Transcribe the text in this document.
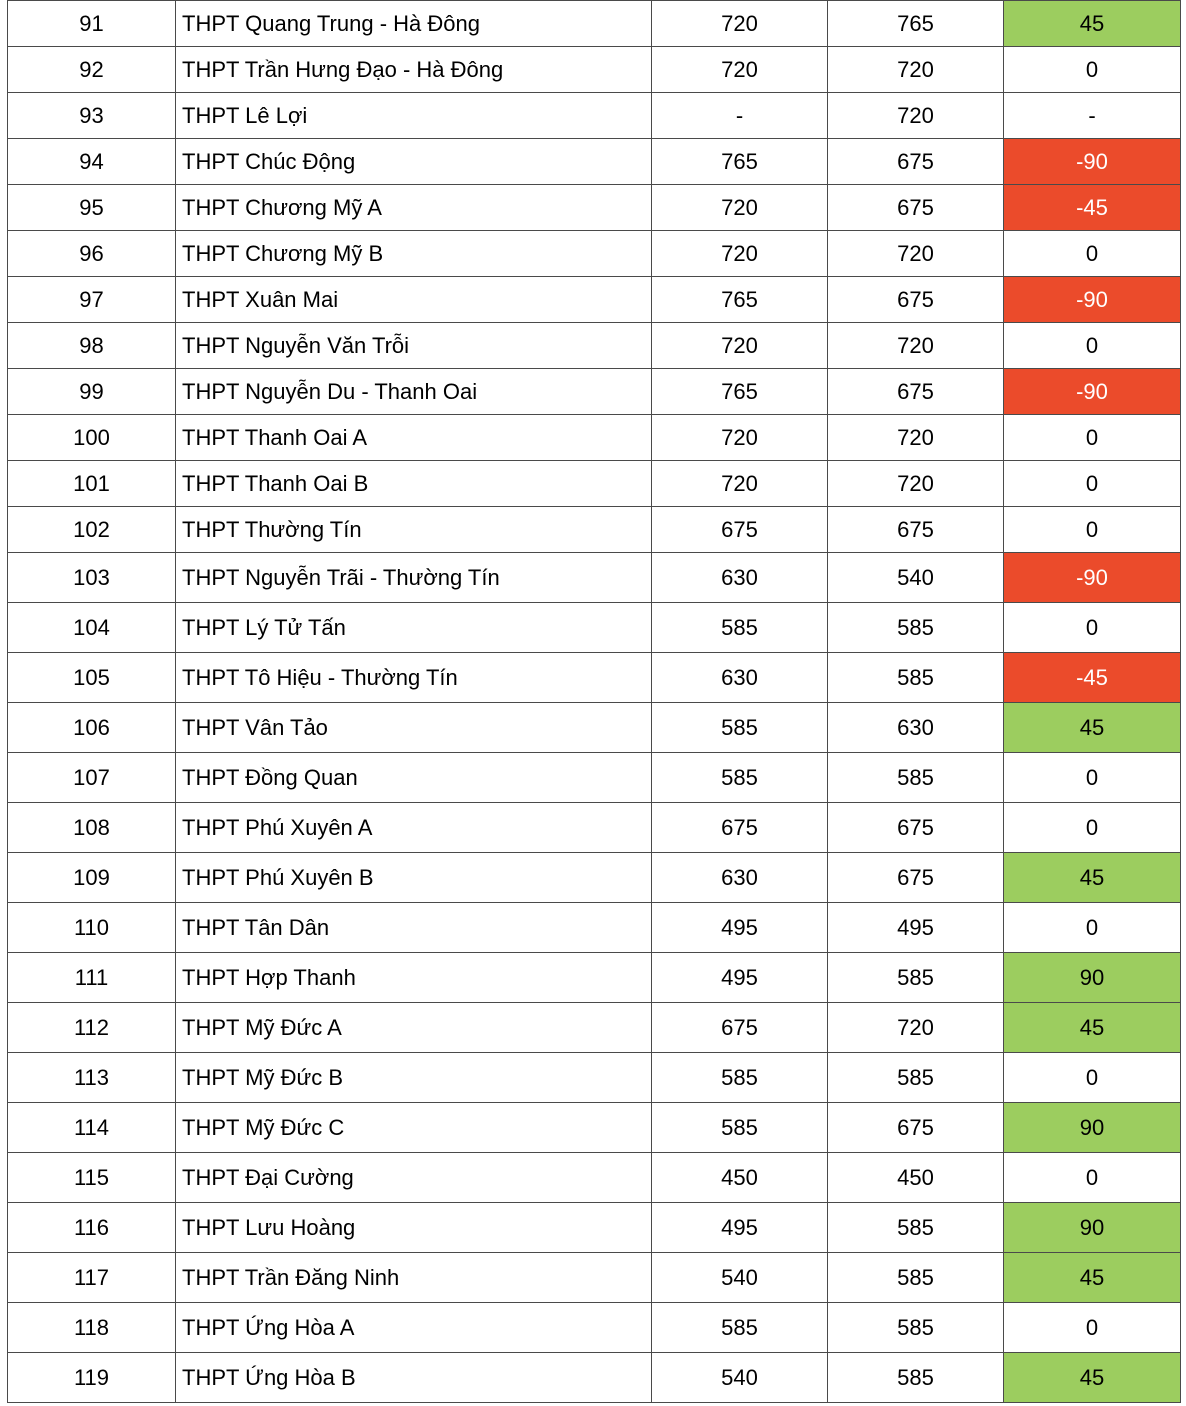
91	THPT Quang Trung - Hà Đông	720	765	45
92	THPT Trần Hưng Đạo - Hà Đông	720	720	0
93	THPT Lê Lợi	-	720	-
94	THPT Chúc Động	765	675	-90
95	THPT Chương Mỹ A	720	675	-45
96	THPT Chương Mỹ B	720	720	0
97	THPT Xuân Mai	765	675	-90
98	THPT Nguyễn Văn Trỗi	720	720	0
99	THPT Nguyễn Du - Thanh Oai	765	675	-90
100	THPT Thanh Oai A	720	720	0
101	THPT Thanh Oai B	720	720	0
102	THPT Thường Tín	675	675	0
103	THPT Nguyễn Trãi - Thường Tín	630	540	-90
104	THPT Lý Tử Tấn	585	585	0
105	THPT Tô Hiệu - Thường Tín	630	585	-45
106	THPT Vân Tảo	585	630	45
107	THPT Đồng Quan	585	585	0
108	THPT Phú Xuyên A	675	675	0
109	THPT Phú Xuyên B	630	675	45
110	THPT Tân Dân	495	495	0
111	THPT Hợp Thanh	495	585	90
112	THPT Mỹ Đức A	675	720	45
113	THPT Mỹ Đức B	585	585	0
114	THPT Mỹ Đức C	585	675	90
115	THPT Đại Cường	450	450	0
116	THPT Lưu Hoàng	495	585	90
117	THPT Trần Đăng Ninh	540	585	45
118	THPT Ứng Hòa A	585	585	0
119	THPT Ứng Hòa B	540	585	45
